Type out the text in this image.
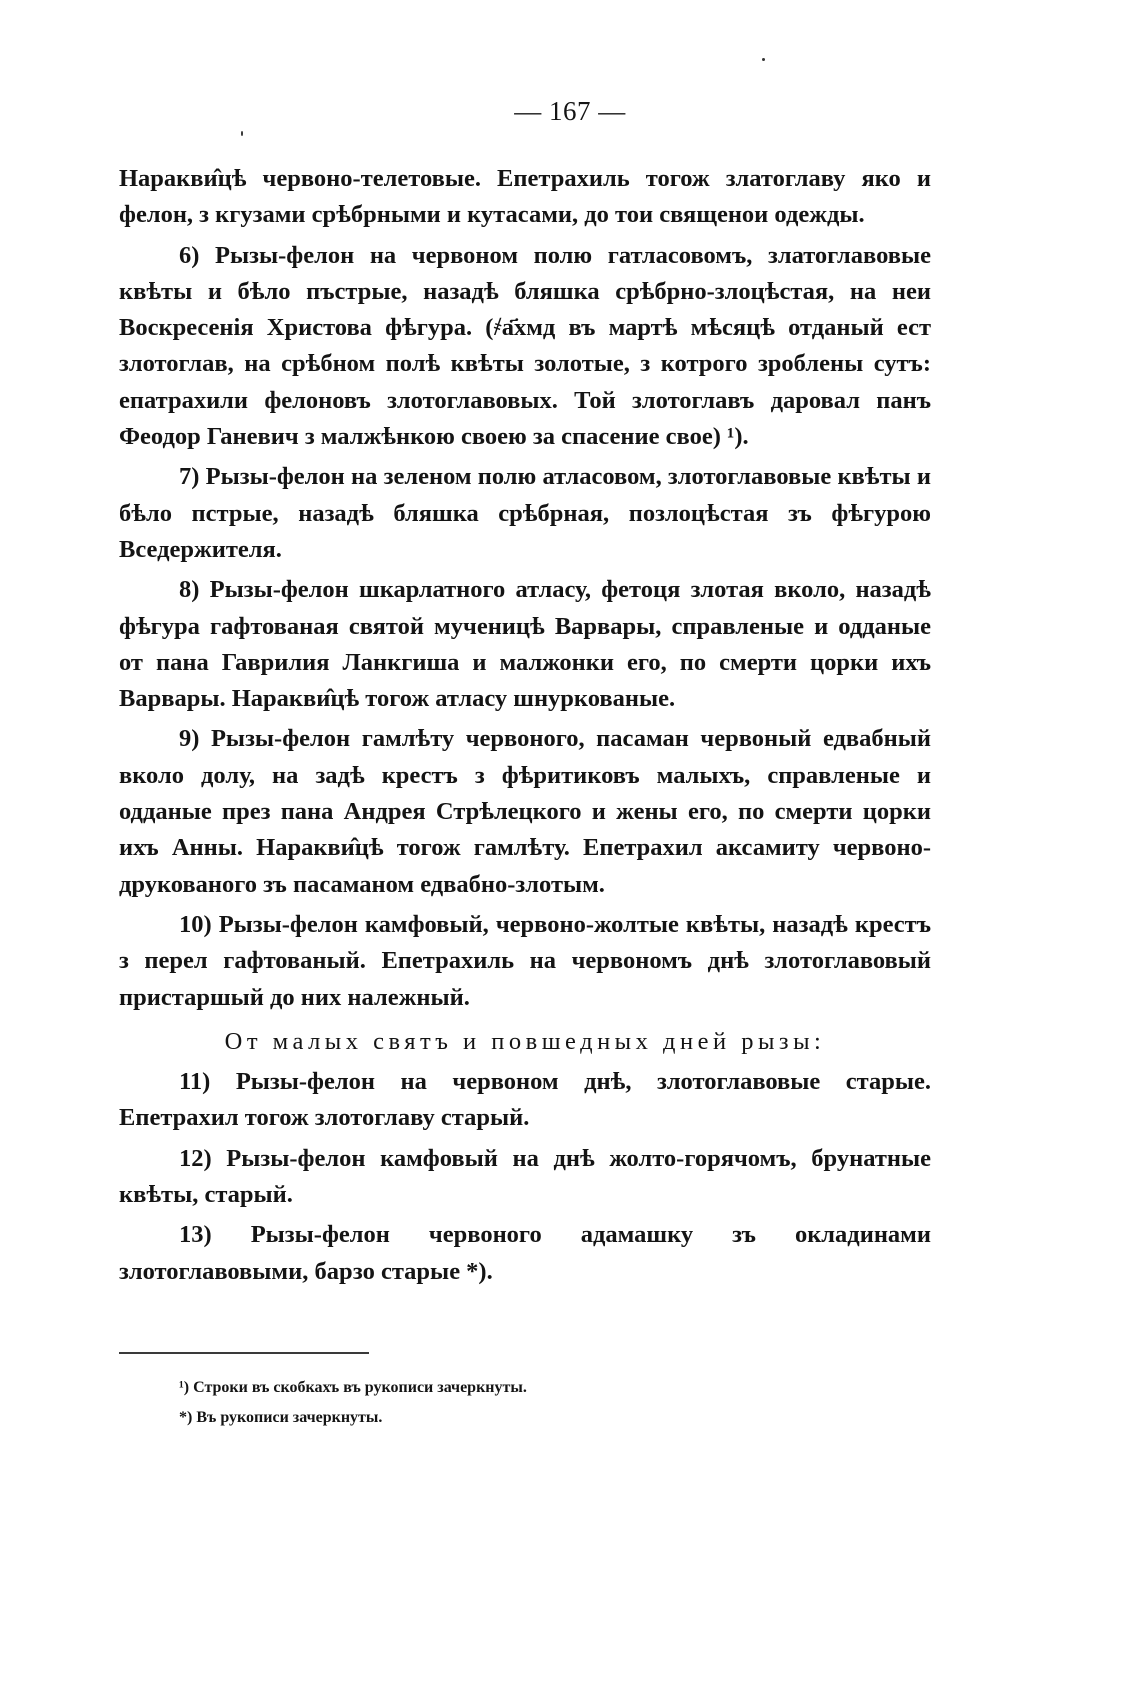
— 167 —

Наракви̂цѣ червоно-телетовые. Епетрахиль тогож златоглаву яко и фелон, з кгузами срѣбрными и кутасами, до тои священои одежды.

6) Рызы-фелон на червоном полю гатласовомъ, златоглавовые квѣты и бѣло пъстрые, назадѣ бляшка срѣбрно-злоцѣстая, на неи Воскресенія Христова фѣгура. (҂а҃хмд въ мартѣ мѣсяцѣ отданый ест злотоглав, на срѣбном полѣ квѣты золотые, з котрого зроблены сутъ: епатрахили фелоновъ злотоглавовых. Той злотоглавъ даровал панъ Феодор Ганевич з малжѣнкою своею за спасение свое) ¹).

7) Рызы-фелон на зеленом полю атласовом, злотоглавовые квѣты и бѣло пстрые, назадѣ бляшка срѣбрная, позлоцѣстая зъ фѣгурою Вседержителя.

8) Рызы-фелон шкарлатного атласу, фетоця злотая вколо, назадѣ фѣгура гафтованая святой мученицѣ Варвары, справленые и одданые от пана Гаврилия Ланкгиша и малжонки его, по смерти цорки ихъ Варвары. Наракви̂цѣ тогож атласу шнуркованые.

9) Рызы-фелон гамлѣту червоного, пасаман червоный едвабный вколо долу, на задѣ крестъ з фѣритиковъ малыхъ, справленые и одданые през пана Андрея Стрѣлецкого и жены его, по смерти цорки ихъ Анны. Наракви̂цѣ тогож гамлѣту. Епетрахил аксамиту червоно-друкованого зъ пасаманом едвабно-злотым.

10) Рызы-фелон камфовый, червоно-жолтые квѣты, назадѣ крестъ з перел гафтованый. Епетрахиль на червономъ днѣ злотоглавовый пристаршый до них належный.

От малых святъ и повшедных дней рызы:

11) Рызы-фелон на червоном днѣ, злотоглавовые старые. Епетрахил тогож злотоглаву старый.

12) Рызы-фелон камфовый на днѣ жолто-горячомъ, брунатные квѣты, старый.

13) Рызы-фелон червоного адамашку зъ окладинами злотоглавовыми, барзо старые *).

¹) Строки въ скобкахъ въ рукописи зачеркнуты.
*) Въ рукописи зачеркнуты.
